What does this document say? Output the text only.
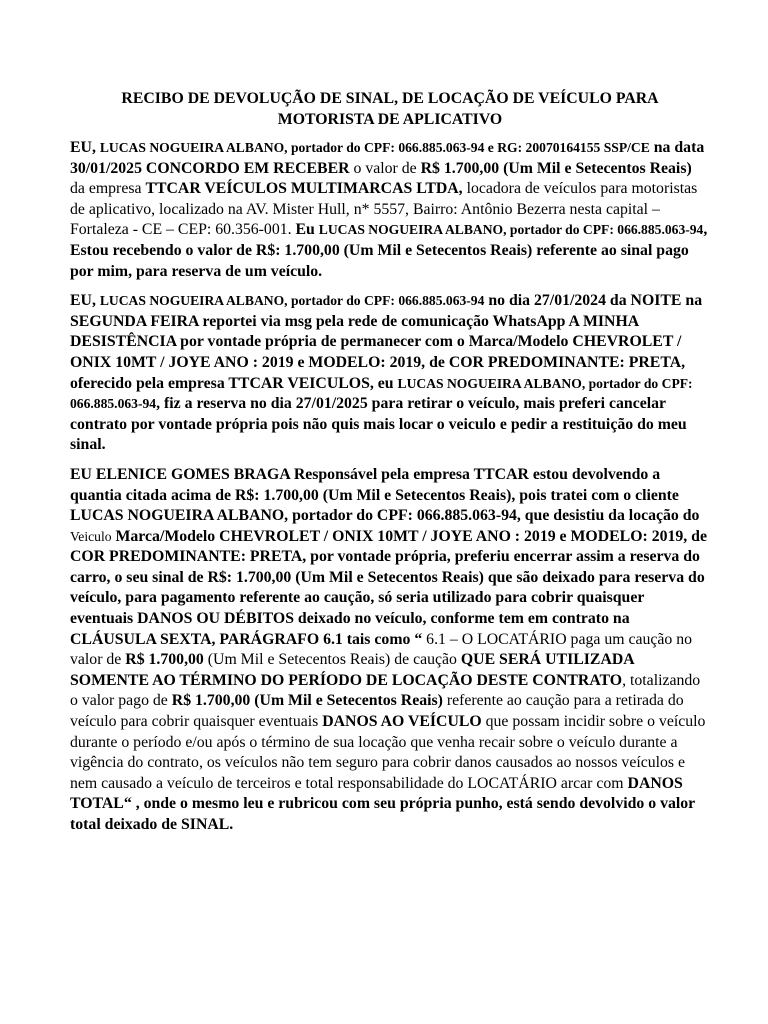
RECIBO DE DEVOLUÇÃO DE SINAL, DE LOCAÇÃO DE VEÍCULO PARA
MOTORISTA DE APLICATIVO

EU, LUCAS NOGUEIRA ALBANO, portador do CPF: 066.885.063-94 e RG: 20070164155 SSP/CE na data 30/01/2025 CONCORDO EM RECEBER o valor de R$ 1.700,00 (Um Mil e Setecentos Reais) da empresa TTCAR VEÍCULOS MULTIMARCAS LTDA, locadora de veículos para motoristas de aplicativo, localizado na AV. Mister Hull, n* 5557, Bairro: Antônio Bezerra nesta capital – Fortaleza - CE – CEP: 60.356-001. Eu LUCAS NOGUEIRA ALBANO, portador do CPF: 066.885.063-94, Estou recebendo o valor de R$: 1.700,00 (Um Mil e Setecentos Reais) referente ao sinal pago por mim, para reserva de um veículo.

EU, LUCAS NOGUEIRA ALBANO, portador do CPF: 066.885.063-94 no dia 27/01/2024 da NOITE na SEGUNDA FEIRA reportei via msg pela rede de comunicação WhatsApp A MINHA DESISTÊNCIA por vontade própria de permanecer com o Marca/Modelo CHEVROLET / ONIX 10MT / JOYE ANO : 2019 e MODELO: 2019, de COR PREDOMINANTE: PRETA, oferecido pela empresa TTCAR VEICULOS, eu LUCAS NOGUEIRA ALBANO, portador do CPF: 066.885.063-94, fiz a reserva no dia 27/01/2025 para retirar o veículo, mais preferi cancelar contrato por vontade própria pois não quis mais locar o veiculo e pedir a restituição do meu sinal.

EU ELENICE GOMES BRAGA Responsável pela empresa TTCAR estou devolvendo a quantia citada acima de R$: 1.700,00 (Um Mil e Setecentos Reais), pois tratei com o cliente LUCAS NOGUEIRA ALBANO, portador do CPF: 066.885.063-94, que desistiu da locação do Veiculo Marca/Modelo CHEVROLET / ONIX 10MT / JOYE ANO : 2019 e MODELO: 2019, de COR PREDOMINANTE: PRETA, por vontade própria, preferiu encerrar assim a reserva do carro, o seu sinal de R$: 1.700,00 (Um Mil e Setecentos Reais) que são deixado para reserva do veículo, para pagamento referente ao caução, só seria utilizado para cobrir quaisquer eventuais DANOS OU DÉBITOS deixado no veículo, conforme tem em contrato na CLÁUSULA SEXTA, PARÁGRAFO 6.1 tais como “ 6.1 – O LOCATÁRIO paga um caução no valor de R$ 1.700,00 (Um Mil e Setecentos Reais) de caução QUE SERÁ UTILIZADA SOMENTE AO TÉRMINO DO PERÍODO DE LOCAÇÃO DESTE CONTRATO, totalizando o valor pago de R$ 1.700,00 (Um Mil e Setecentos Reais) referente ao caução para a retirada do veículo para cobrir quaisquer eventuais DANOS AO VEÍCULO que possam incidir sobre o veículo durante o período e/ou após o término de sua locação que venha recair sobre o veículo durante a vigência do contrato, os veículos não tem seguro para cobrir danos causados ao nossos veículos e nem causado a veículo de terceiros e total responsabilidade do LOCATÁRIO arcar com DANOS TOTAL“ , onde o mesmo leu e rubricou com seu própria punho, está sendo devolvido o valor total deixado de SINAL.
